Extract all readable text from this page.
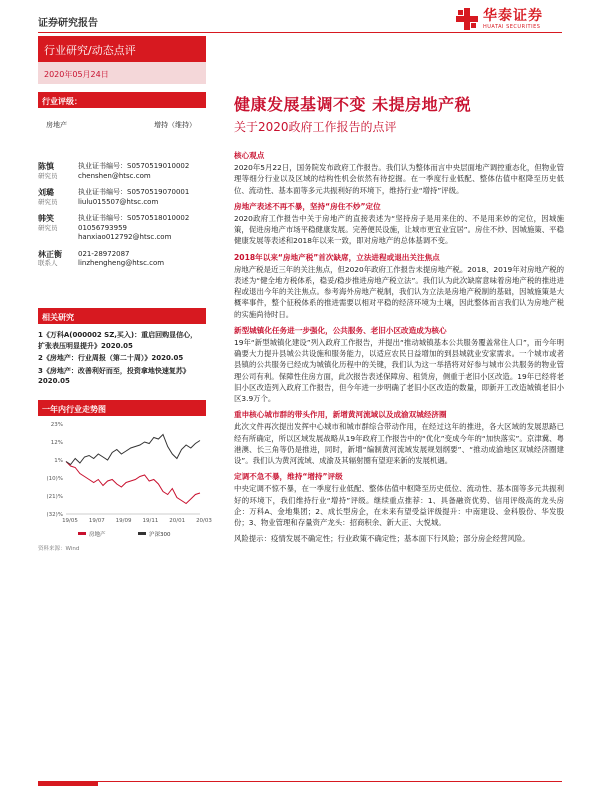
证券研究报告	华泰证券
HUATAI SECURITIES
行业研究/动态点评
2020年05月24日
行业评级：
房地产	增持（维持）
陈慎
研究员
执业证书编号：S0570519010002
chenshen@htsc.com
刘璐
研究员
执业证书编号：S0570519070001
liulu015507@htsc.com
韩笑
研究员
执业证书编号：S0570518010002
01056793959
hanxiao012792@htsc.com
林正衡
联系人
021-28972087
linzhengheng@htsc.com
相关研究
1《万科A(000002 SZ,买入)：重启回购显信心，扩张表压明显提升》2020.05
2《房地产：行业周报（第二十周）》2020.05
3《房地产：改善利好而至，投资拿地快速复苏》2020.05
一年内行业走势图
23%
12%
1%
(10)%
(21)%
(32)%
19/05 19/07 19/09 19/11 20/01 20/03
房地产	沪深300
资料来源：Wind
健康发展基调不变 未提房地产税
关于2020政府工作报告的点评
核心观点

2020年5月22日，国务院发布政府工作报告。我们认为整体而言中央层面地产调控重态化，但物业管理等细分行业以及区域的结构性机会依然有待挖掘。在一季度行业低配、整体估值中枢降至历史低位、流动性、基本面等多元共振利好的环境下，维持行业“增持”评级。

房地产表述不再不暴，坚持“房住不炒”定位

2020政府工作报告中关于房地产的直接表述为“坚持房子是用来住的、不是用来炒的定位，因城施策，促进房地产市场平稳健康发展。完善便民设施，让城市更宜业宜居”。房住不炒、因城施策、平稳健康发展等表述和2018年以来一致，即对房地产的总体基调不变。

2018年以来“房地产税”首次缺席，立法进程或退出关注焦点

房地产税是近三年的关注焦点，但2020年政府工作报告未提房地产税。2018、2019年对房地产税的表述为“健全地方税体系，稳妥/稳步推进房地产税立法”。我们认为此次缺席意味着房地产税的推进进程或退出今年的关注焦点。参考海外房地产税制，我们认为立法是房地产税制的基础，因城施策是大概率事件，整个征税体系的推进需要以相对平稳的经济环境为土壤，因此整体而言我们认为房地产税的实施尚待时日。

新型城镇化任务进一步强化，公共服务、老旧小区改造成为核心

19年“新型城镇化建设”列入政府工作报告，并提出“推动城镇基本公共服务覆盖常住人口”，而今年明确要大力提升县城公共设施和服务能力，以适应农民日益增加的到县城就业安家需求。一个城市或者县镇的公共服务已经成为城镇化历程中的关键，我们认为这一举措将对好参与城市公共服务的物业管理公司有利。保障性住房方面，此次报告表述保障房、租赁房，侧重于老旧小区改造。19年已经将老旧小区改造列入政府工作报告，但今年进一步明确了老旧小区改造的数量，即新开工改造城镇老旧小区3.9万个。

重申核心城市群的带头作用，新增黄河流域以及成渝双城经济圈

此次文件再次提出发挥中心城市和城市群综合带动作用，在经过这年的推进，各大区域的发展思路已经有所确定，所以区域发展战略从19年政府工作报告中的“优化”变成今年的“加快落实”。京津冀、粤港澳、长三角等仍是推进，同时，新增“编制黄河流域发展规划纲要”、“推动成渝地区双城经济圈建设”。我们认为黄河流域、成渝及其辐射圈有望迎来新的发展机遇。

定调不急不暴，维持“增持”评级

中央定调不惊不暴，在一季度行业低配、整体估值中枢降至历史低位、流动性、基本面等多元共振利好的环境下，我们维持行业“增持”评级。继续重点推荐：1、具备融资优势、信用评级高的龙头房企：万科A、金地集团；2、成长型房企，在未来有望受益评级提升：中南建设、金科股份、华发股份；3、物业管理和存量资产龙头：招商积余、新大正、大悦城。

风险提示：疫情发展不确定性；行业政策不确定性；基本面下行风险；部分房企经营风险。
